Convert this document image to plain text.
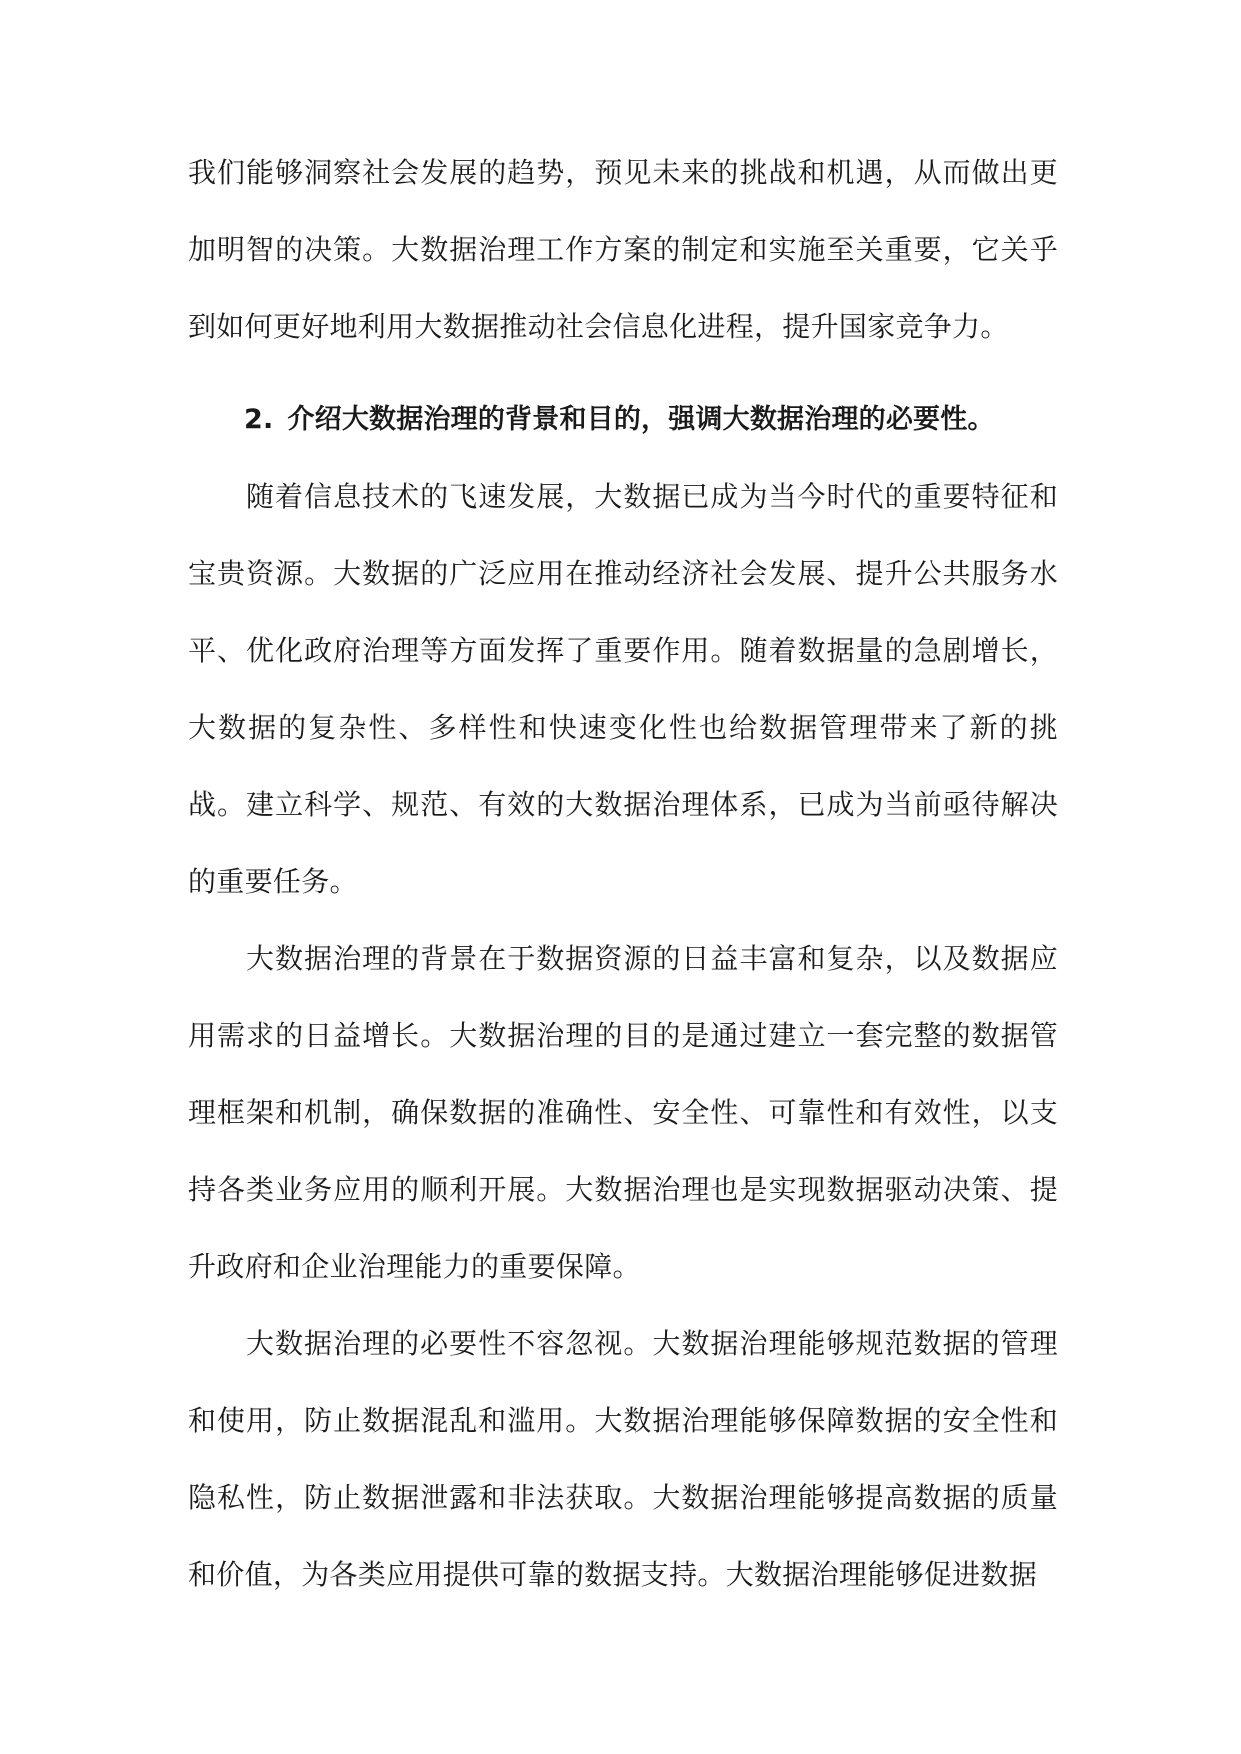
我们能够洞察社会发展的趋势，预见未来的挑战和机遇，从而做出更加明智的决策。大数据治理工作方案的制定和实施至关重要，它关乎到如何更好地利用大数据推动社会信息化进程，提升国家竞争力。

2. 介绍大数据治理的背景和目的，强调大数据治理的必要性。

随着信息技术的飞速发展，大数据已成为当今时代的重要特征和宝贵资源。大数据的广泛应用在推动经济社会发展、提升公共服务水平、优化政府治理等方面发挥了重要作用。随着数据量的急剧增长，大数据的复杂性、多样性和快速变化性也给数据管理带来了新的挑战。建立科学、规范、有效的大数据治理体系，已成为当前亟待解决的重要任务。

大数据治理的背景在于数据资源的日益丰富和复杂，以及数据应用需求的日益增长。大数据治理的目的是通过建立一套完整的数据管理框架和机制，确保数据的准确性、安全性、可靠性和有效性，以支持各类业务应用的顺利开展。大数据治理也是实现数据驱动决策、提升政府和企业治理能力的重要保障。

大数据治理的必要性不容忽视。大数据治理能够规范数据的管理和使用，防止数据混乱和滥用。大数据治理能够保障数据的安全性和隐私性，防止数据泄露和非法获取。大数据治理能够提高数据的质量和价值，为各类应用提供可靠的数据支持。大数据治理能够促进数据
